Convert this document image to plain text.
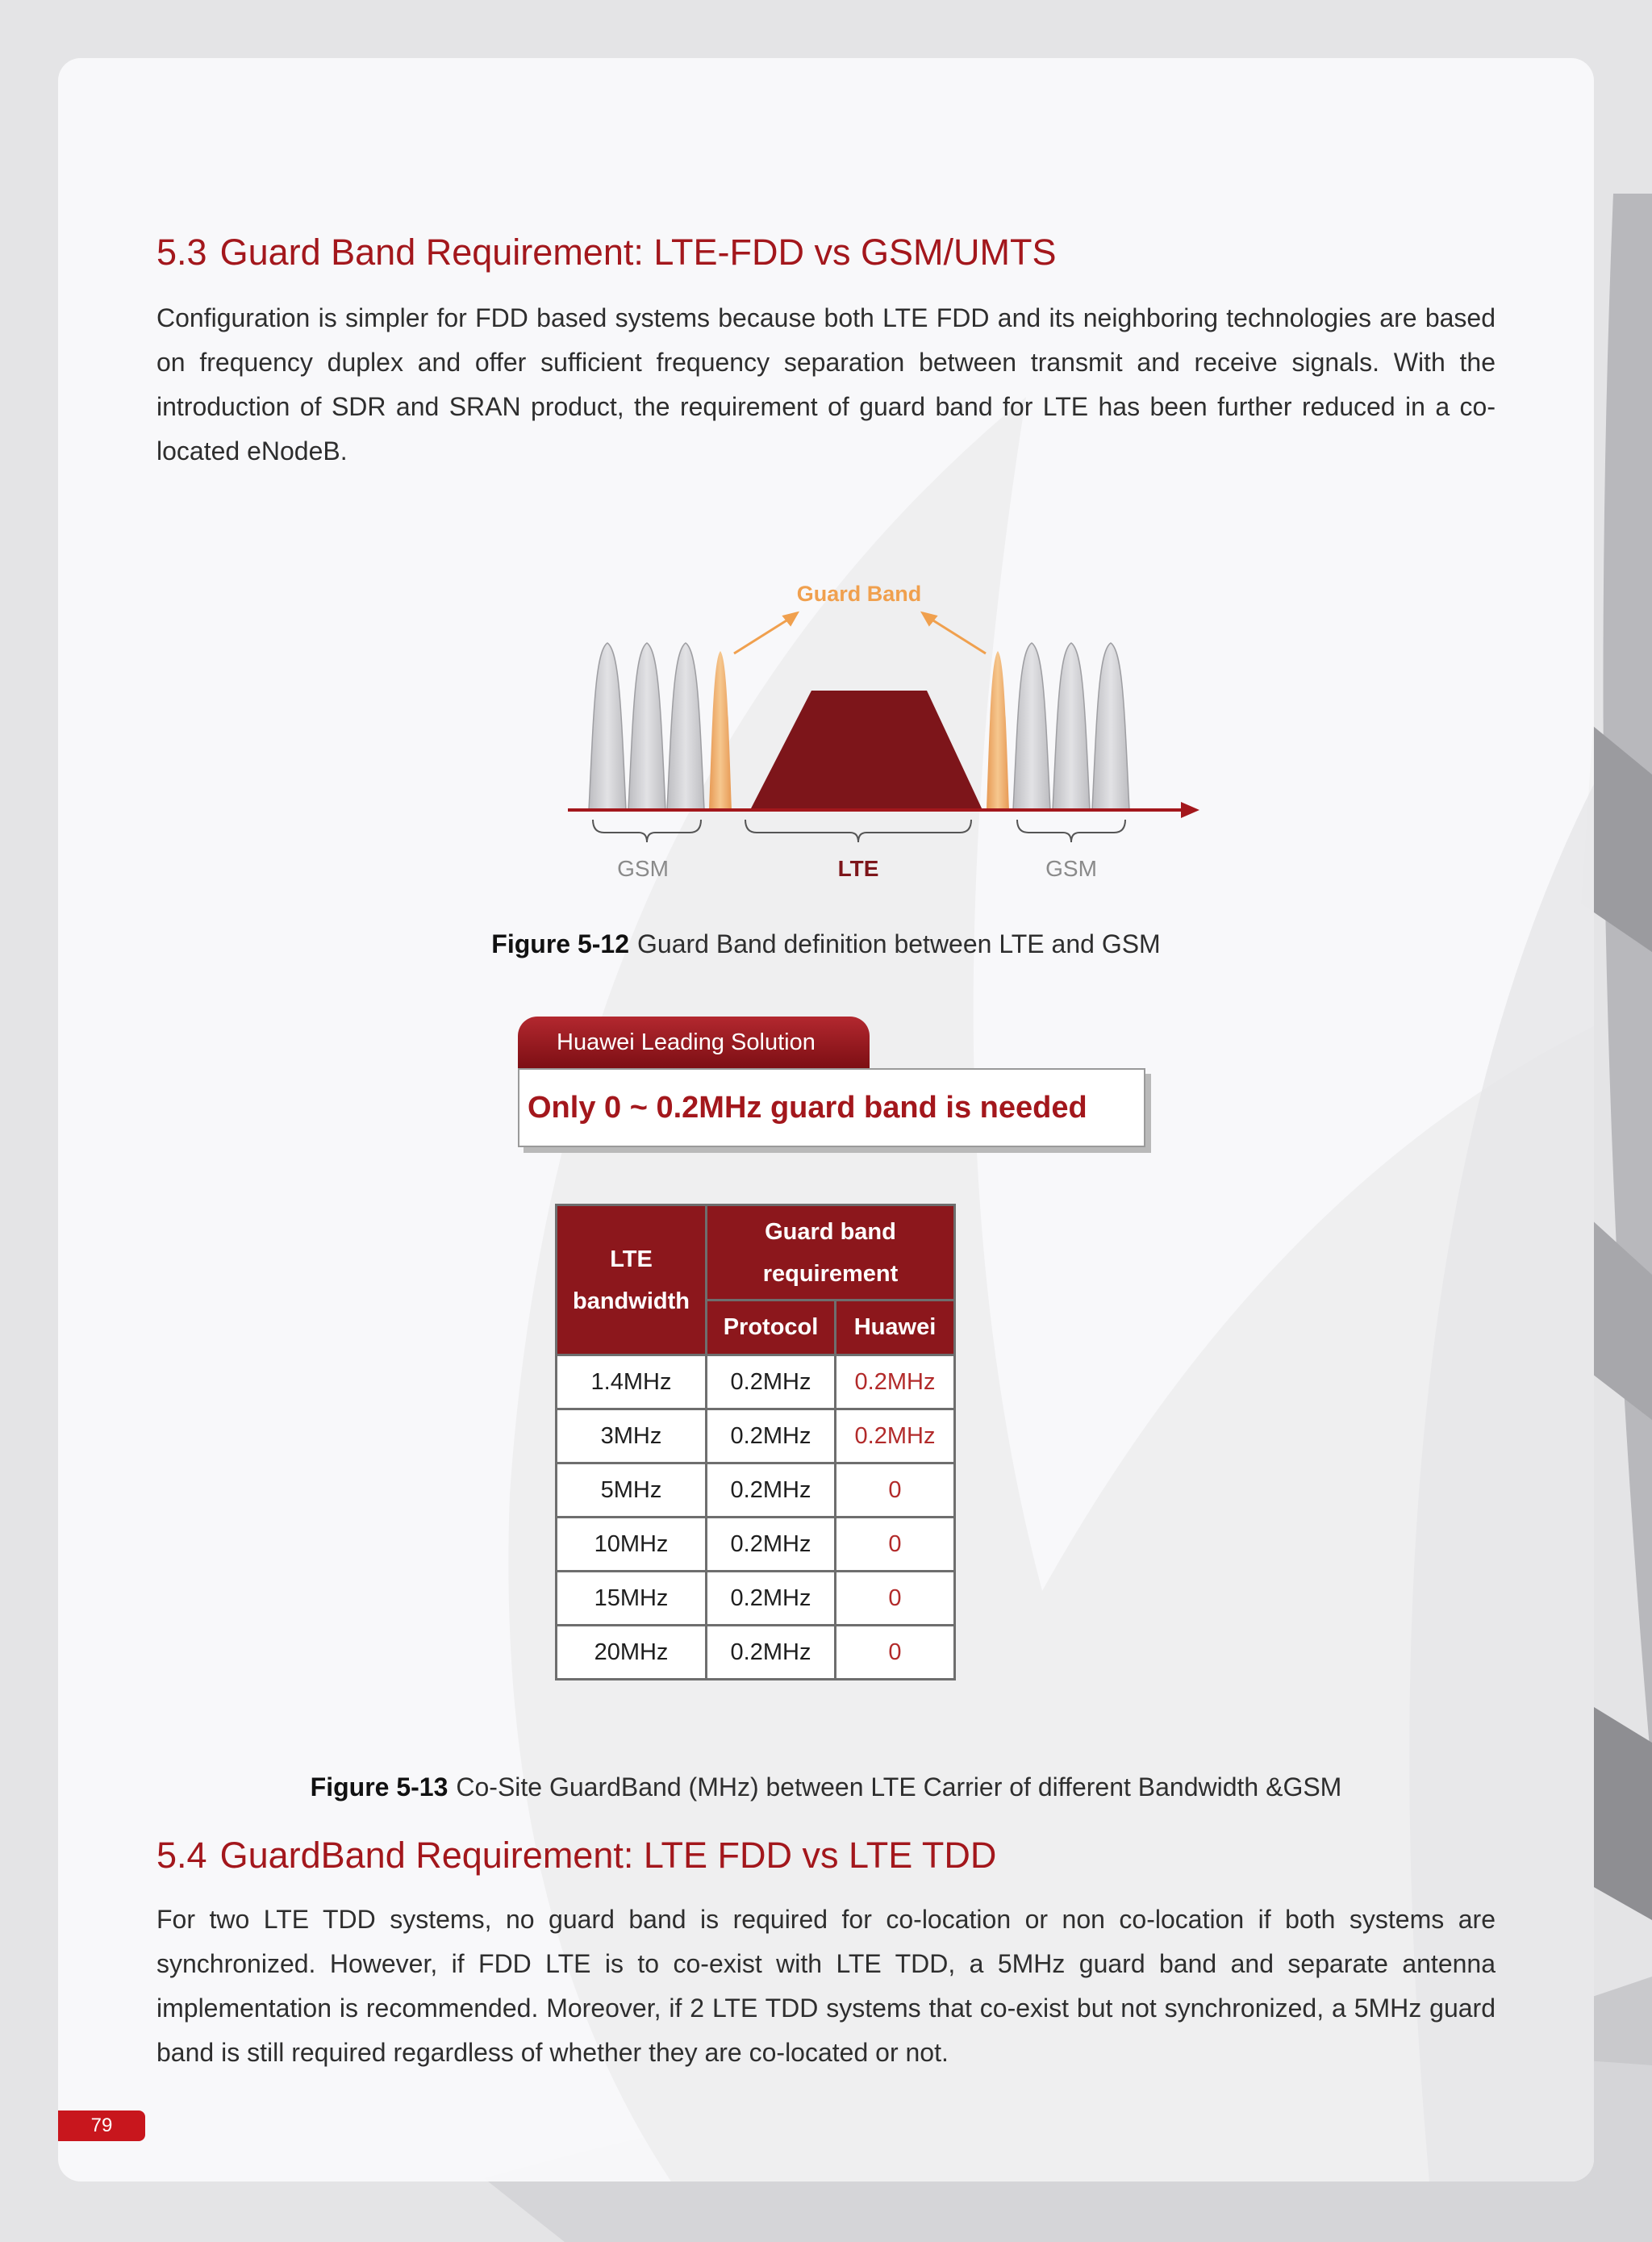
5.3 Guard Band Requirement: LTE-FDD vs GSM/UMTS

Configuration is simpler for FDD based systems because both LTE FDD and its neighboring technologies are based on frequency duplex and offer sufficient frequency separation between transmit and receive signals. With the introduction of SDR and SRAN product, the requirement of guard band for LTE has been further reduced in a co-located eNodeB.

Guard Band
GSM	LTE	GSM

Figure 5-12 Guard Band definition between LTE and GSM

Huawei Leading Solution
Only 0 ~ 0.2MHz guard band is needed
LTE bandwidth	Guard band requirement	

	Protocol	Huawei
1.4MHz	0.2MHz	0.2MHz
3MHz	0.2MHz	0.2MHz
5MHz	0.2MHz	0
10MHz	0.2MHz	0
15MHz	0.2MHz	0
20MHz	0.2MHz	0

Figure 5-13 Co-Site GuardBand (MHz) between LTE Carrier of different Bandwidth &GSM

5.4 GuardBand Requirement: LTE FDD vs LTE TDD

For two LTE TDD systems, no guard band is required for co-location or non co-location if both systems are synchronized. However, if FDD LTE is to co-exist with LTE TDD, a 5MHz guard band and separate antenna implementation is recommended. Moreover, if 2 LTE TDD systems that co-exist but not synchronized, a 5MHz guard band is still required regardless of whether they are co-located or not.

79
